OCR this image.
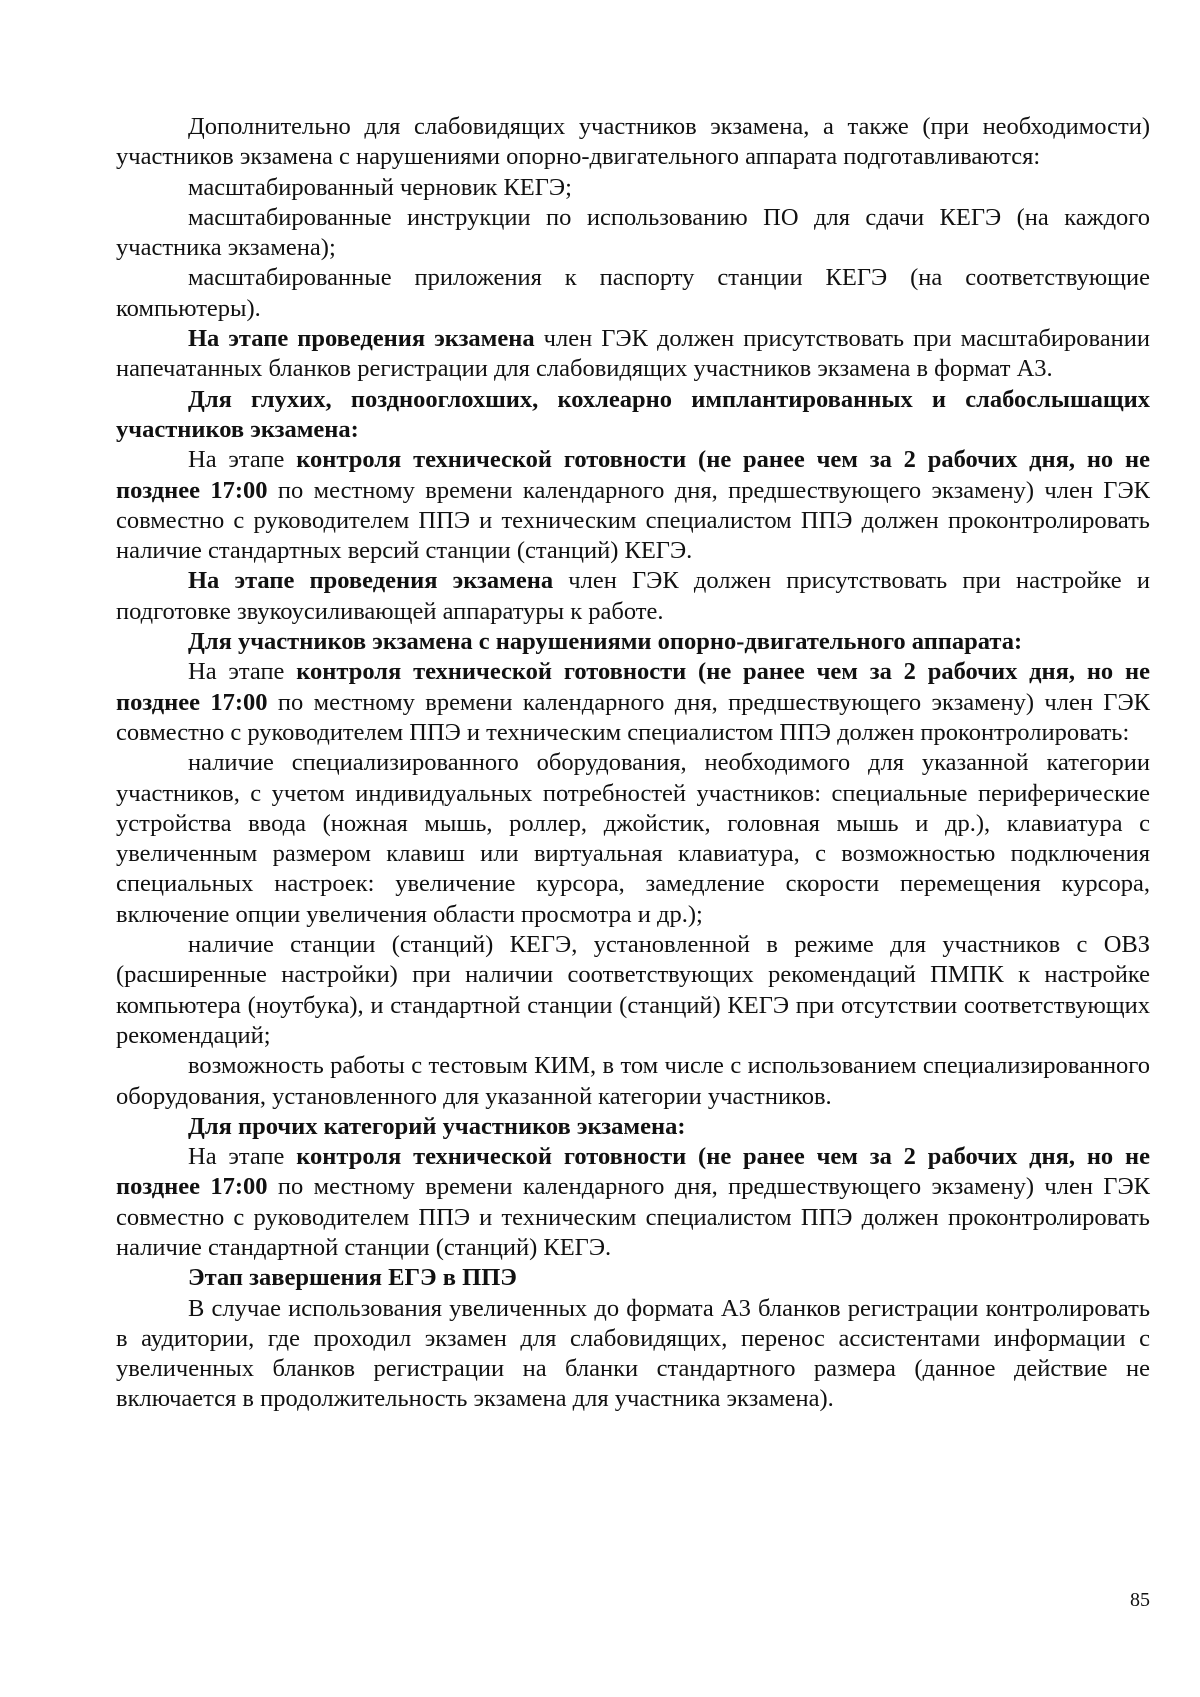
Дополнительно для слабовидящих участников экзамена, а также (при необходимости) участников экзамена с нарушениями опорно-двигательного аппарата подготавливаются:

масштабированный черновик КЕГЭ;

масштабированные инструкции по использованию ПО для сдачи КЕГЭ (на каждого участника экзамена);

масштабированные приложения к паспорту станции КЕГЭ (на соответствующие компьютеры).

На этапе проведения экзамена член ГЭК должен присутствовать при масштабировании напечатанных бланков регистрации для слабовидящих участников экзамена в формат А3.

Для глухих, позднооглохших, кохлеарно имплантированных и слабослышащих участников экзамена:

На этапе контроля технической готовности (не ранее чем за 2 рабочих дня, но не позднее 17:00 по местному времени календарного дня, предшествующего экзамену) член ГЭК совместно с руководителем ППЭ и техническим специалистом ППЭ должен проконтролировать наличие стандартных версий станции (станций) КЕГЭ.

На этапе проведения экзамена член ГЭК должен присутствовать при настройке и подготовке звукоусиливающей аппаратуры к работе.

Для участников экзамена с нарушениями опорно-двигательного аппарата:

На этапе контроля технической готовности (не ранее чем за 2 рабочих дня, но не позднее 17:00 по местному времени календарного дня, предшествующего экзамену) член ГЭК совместно с руководителем ППЭ и техническим специалистом ППЭ должен проконтролировать:

наличие специализированного оборудования, необходимого для указанной категории участников, с учетом индивидуальных потребностей участников: специальные периферические устройства ввода (ножная мышь, роллер, джойстик, головная мышь и др.), клавиатура с увеличенным размером клавиш или виртуальная клавиатура, с возможностью подключения специальных настроек: увеличение курсора, замедление скорости перемещения курсора, включение опции увеличения области просмотра и др.);

наличие станции (станций) КЕГЭ, установленной в режиме для участников с ОВЗ (расширенные настройки) при наличии соответствующих рекомендаций ПМПК к настройке компьютера (ноутбука), и стандартной станции (станций) КЕГЭ при отсутствии соответствующих рекомендаций;

возможность работы с тестовым КИМ, в том числе с использованием специализированного оборудования, установленного для указанной категории участников.

Для прочих категорий участников экзамена:

На этапе контроля технической готовности (не ранее чем за 2 рабочих дня, но не позднее 17:00 по местному времени календарного дня, предшествующего экзамену) член ГЭК совместно с руководителем ППЭ и техническим специалистом ППЭ должен проконтролировать наличие стандартной станции (станций) КЕГЭ.

Этап завершения ЕГЭ в ППЭ

В случае использования увеличенных до формата А3 бланков регистрации контролировать в аудитории, где проходил экзамен для слабовидящих, перенос ассистентами информации с увеличенных бланков регистрации на бланки стандартного размера (данное действие не включается в продолжительность экзамена для участника экзамена).

85
